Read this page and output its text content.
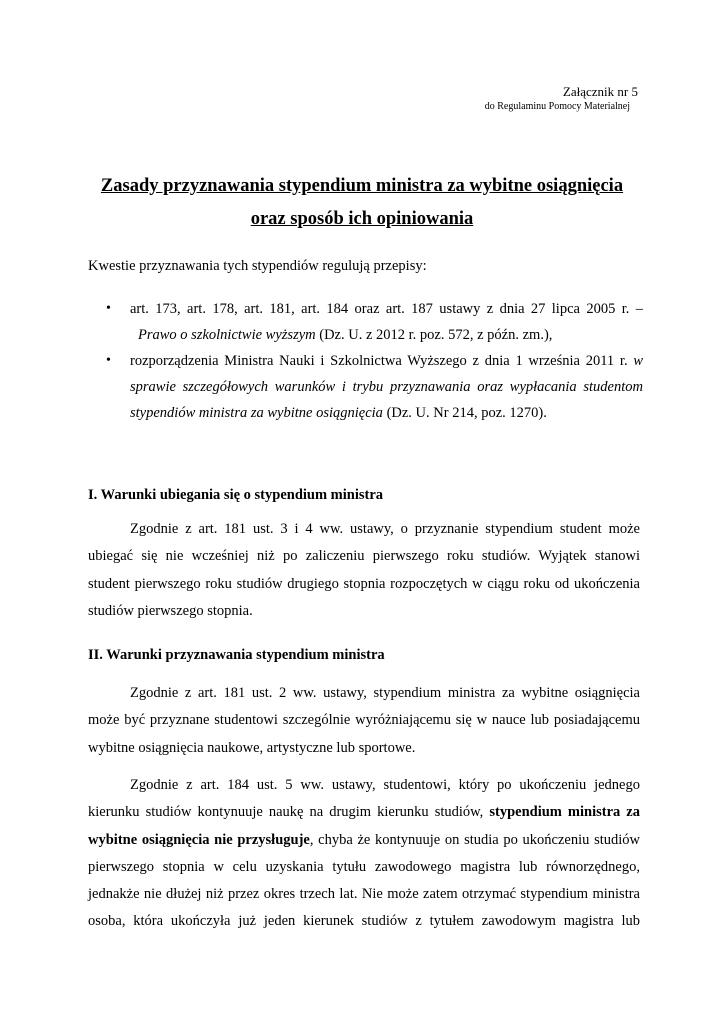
Załącznik nr 5
do Regulaminu Pomocy Materialnej
Zasady przyznawania stypendium ministra za wybitne osiągnięcia
oraz sposób ich opiniowania
Kwestie przyznawania tych stypendiów regulują przepisy:
• art. 173, art. 178, art. 181, art. 184 oraz art. 187 ustawy z dnia 27 lipca 2005 r. –
Prawo o szkolnictwie wyższym (Dz. U. z 2012 r. poz. 572, z późn. zm.),
• rozporządzenia Ministra Nauki i Szkolnictwa Wyższego z dnia 1 września 2011 r. w
sprawie szczegółowych warunków i trybu przyznawania oraz wypłacania studentom
stypendiów ministra za wybitne osiągnięcia (Dz. U. Nr 214, poz. 1270).
I. Warunki ubiegania się o stypendium ministra
Zgodnie z art. 181 ust. 3 i 4 ww. ustawy, o przyznanie stypendium student może
ubiegać się nie wcześniej niż po zaliczeniu pierwszego roku studiów. Wyjątek stanowi
student pierwszego roku studiów drugiego stopnia rozpoczętych w ciągu roku od ukończenia
studiów pierwszego stopnia.
II. Warunki przyznawania stypendium ministra
Zgodnie z art. 181 ust. 2 ww. ustawy, stypendium ministra za wybitne osiągnięcia
może być przyznane studentowi szczególnie wyróżniającemu się w nauce lub posiadającemu
wybitne osiągnięcia naukowe, artystyczne lub sportowe.
Zgodnie z art. 184 ust. 5 ww. ustawy, studentowi, który po ukończeniu jednego
kierunku studiów kontynuuje naukę na drugim kierunku studiów, stypendium ministra za
wybitne osiągnięcia nie przysługuje, chyba że kontynuuje on studia po ukończeniu studiów
pierwszego stopnia w celu uzyskania tytułu zawodowego magistra lub równorzędnego,
jednakże nie dłużej niż przez okres trzech lat. Nie może zatem otrzymać stypendium ministra
osoba, która ukończyła już jeden kierunek studiów z tytułem zawodowym magistra lub
